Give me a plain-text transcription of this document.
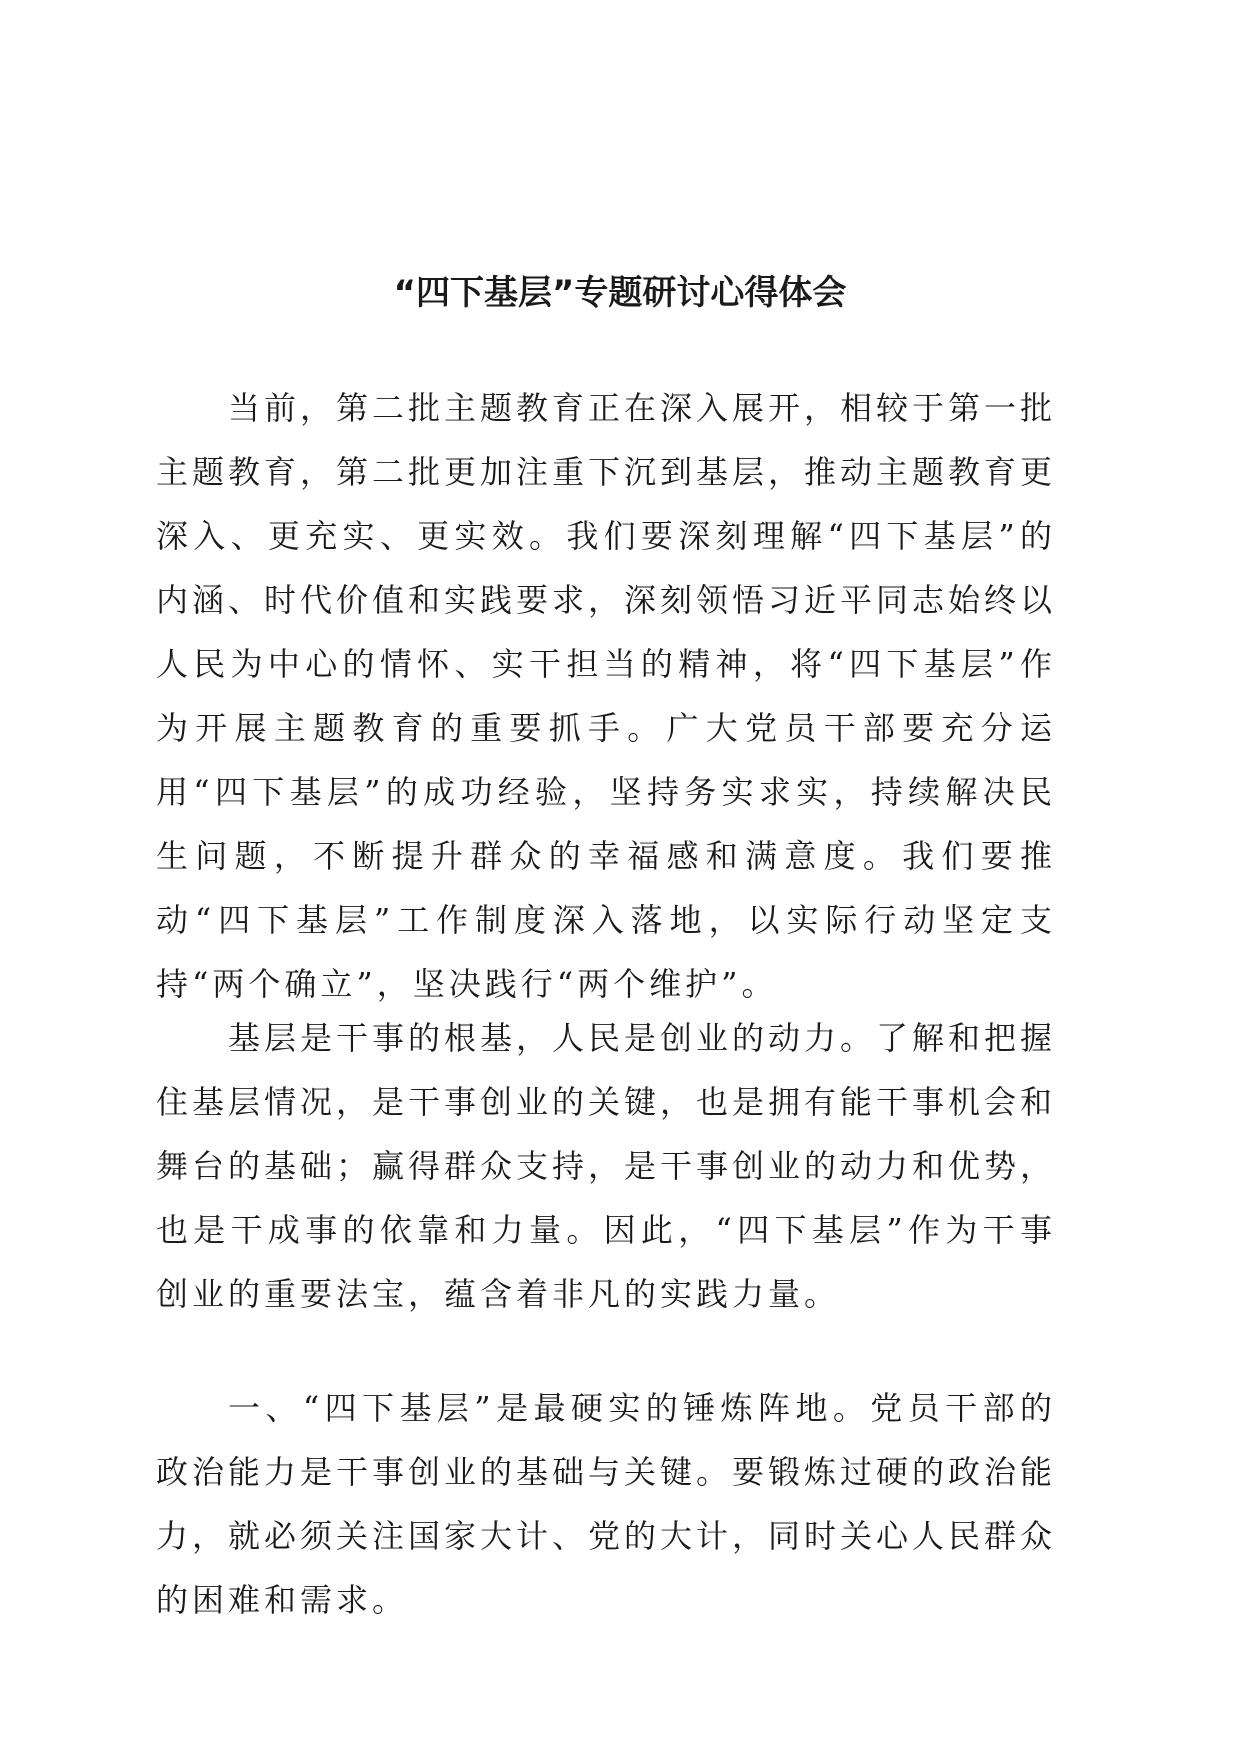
“四下基层”专题研讨心得体会

当前，第二批主题教育正在深入展开，相较于第一批主题教育，第二批更加注重下沉到基层，推动主题教育更深入、更充实、更实效。我们要深刻理解“四下基层”的内涵、时代价值和实践要求，深刻领悟习近平同志始终以人民为中心的情怀、实干担当的精神，将“四下基层”作为开展主题教育的重要抓手。广大党员干部要充分运用“四下基层”的成功经验，坚持务实求实，持续解决民生问题，不断提升群众的幸福感和满意度。我们要推动“四下基层”工作制度深入落地，以实际行动坚定支持“两个确立”，坚决践行“两个维护”。

基层是干事的根基，人民是创业的动力。了解和把握住基层情况，是干事创业的关键，也是拥有能干事机会和舞台的基础；赢得群众支持，是干事创业的动力和优势，也是干成事的依靠和力量。因此，“四下基层”作为干事创业的重要法宝，蕴含着非凡的实践力量。

一、“四下基层”是最硬实的锤炼阵地。党员干部的政治能力是干事创业的基础与关键。要锻炼过硬的政治能力，就必须关注国家大计、党的大计，同时关心人民群众的困难和需求。
